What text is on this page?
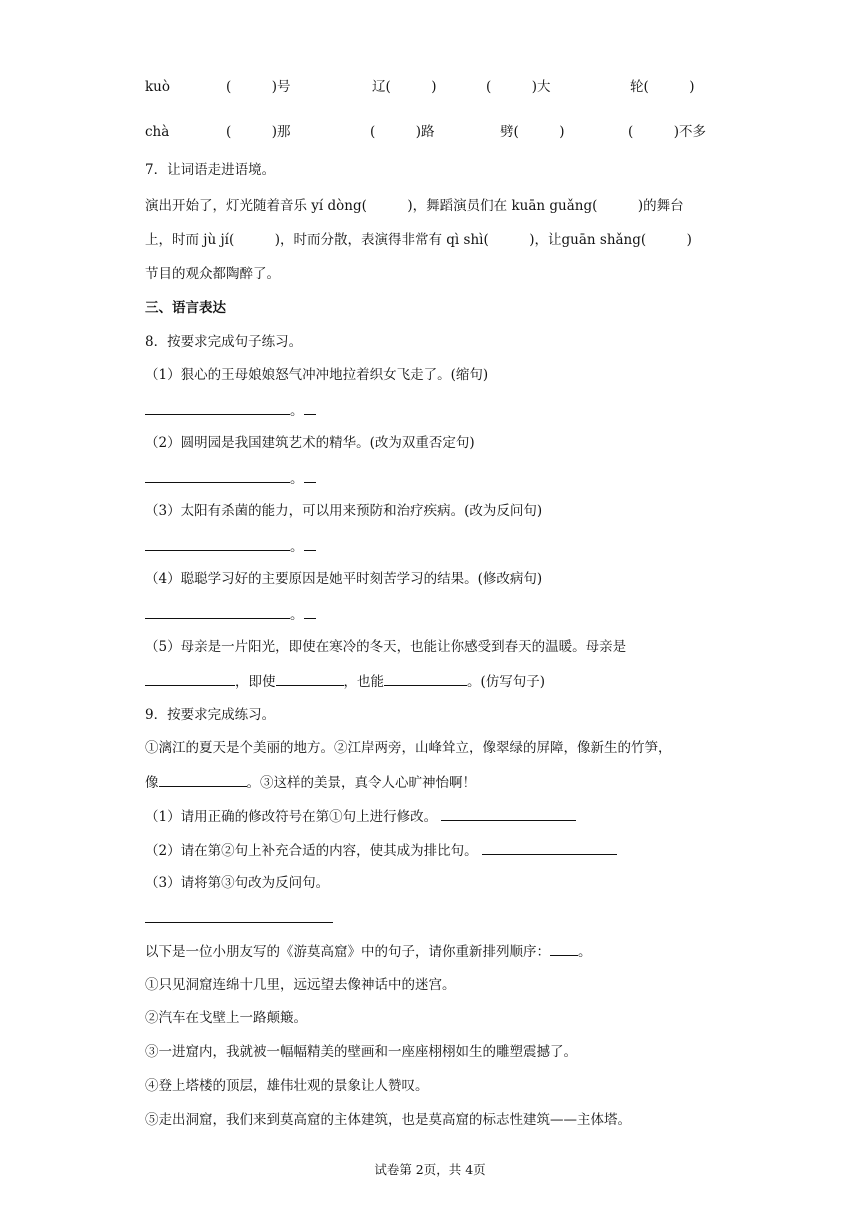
kuò	(　　　)号	辽(　　　)	(　　　)大	轮(　　　)
chà	(　　　)那	(　　　)路	劈(　　　)	(　　　)不多
7．让词语走进语境。
演出开始了，灯光随着音乐 yí dòng(　　　)，舞蹈演员们在 kuān guǎng(　　　)的舞台
上，时而 jù jí(　　　)，时而分散，表演得非常有 qì shì(　　　)，让guān shǎng(　　　)
节目的观众都陶醉了。
三、语言表达
8．按要求完成句子练习。
（1）狠心的王母娘娘怒气冲冲地拉着织女飞走了。(缩句)
。
（2）圆明园是我国建筑艺术的精华。(改为双重否定句)
。
（3）太阳有杀菌的能力，可以用来预防和治疗疾病。(改为反问句)
。
（4）聪聪学习好的主要原因是她平时刻苦学习的结果。(修改病句)
。
（5）母亲是一片阳光，即使在寒冷的冬天，也能让你感受到春天的温暖。母亲是
，即使	，也能	。(仿写句子)
9．按要求完成练习。
①漓江的夏天是个美丽的地方。②江岸两旁，山峰耸立，像翠绿的屏障，像新生的竹笋，
像	。③这样的美景，真令人心旷神怡啊！
（1）请用正确的修改符号在第①句上进行修改。
（2）请在第②句上补充合适的内容，使其成为排比句。
（3）请将第③句改为反问句。
以下是一位小朋友写的《游莫高窟》中的句子，请你重新排列顺序： 。
①只见洞窟连绵十几里，远远望去像神话中的迷宫。
②汽车在戈壁上一路颠簸。
③一进窟内，我就被一幅幅精美的壁画和一座座栩栩如生的雕塑震撼了。
④登上塔楼的顶层，雄伟壮观的景象让人赞叹。
⑤走出洞窟，我们来到莫高窟的主体建筑，也是莫高窟的标志性建筑——主体塔。
试卷第 2页，共 4页
